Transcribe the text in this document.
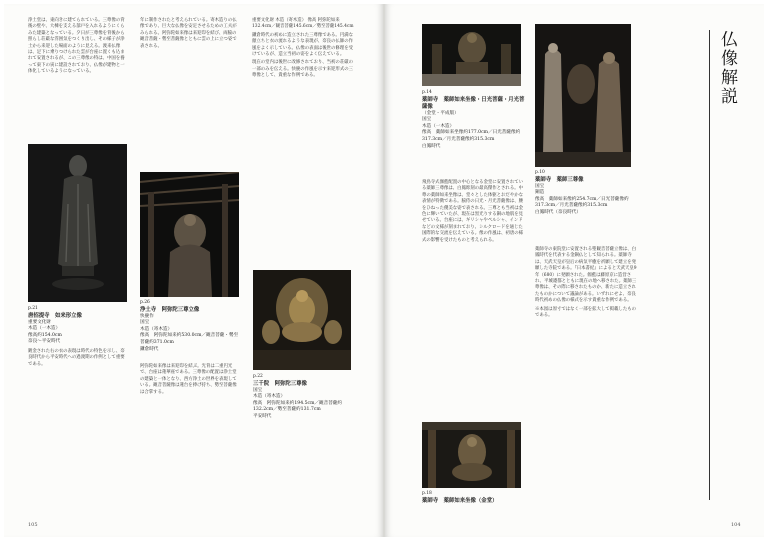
浄土堂は、東向きに建てられている。三尊像の背後の壁や、大棟を支える蔀戸を入れるようにくらみた建築となっている。夕日が三尊像を背後から照らし荘厳な雰囲気をつくり出し、その様子が浄土から来迎した場面のように見える。渡来仏像は、足下に乗りつけられた雲が台座に置くも込まれて安置されるが、この三尊像の特は、中国を養って東下の寅に建設されており、仏像が建物と一体化しているようになっている。

年に制作されたと考えられている。寄木造りの仏像であり、巨大な仏像を安定させるための工夫がみられる。阿弥陀如来像は来迎印を結び、両脇の観音菩薩・勢至菩薩像とともに雲の上に立つ姿で表される。

重要文化財 木造（寄木造） 像高 阿弥陀如来132.4cm／観音菩薩145.6cm／勢至菩薩145.4cm

鎌倉時代の初めに造立された三尊像である。円満な顔立ちと衣の流れるような表現が、奈良の仏師の作風をよく示している。仏像の表面は後世の修理を受けているが、造立当初の姿をよく伝えている。

現在の堂内は後世に改修されており、当初の荘厳の一部のみを伝える。快慶の作風を示す来迎形式の三尊像として、貴重な作例である。

p.21
唐招提寺　如来形立像
重要文化財
木造（一木造）
像高約154.0cm
奈良～平安時代

鍍金された右の衣の表現は時代の特色を示し、奈良時代から平安時代への過渡期の作例として重要である。

p.26
浄土寺　阿弥陀三尊立像
快慶作
国宝
木造（寄木造）
像高　阿弥陀如来約530.0cm／観音菩薩・勢至菩薩約371.0cm
鎌倉時代

阿弥陀如来像は来迎印を結ぶ。光背は二重円光で、台座は蓮華座である。三尊像の配置は浄土堂の建築と一体となり、西方浄土の世界を表現している。観音菩薩像は蓮台を捧げ持ち、勢至菩薩像は合掌する。

p.22
三千院　阿弥陀三尊像
国宝
木造（寄木造）
像高　阿弥陀如来約194.5cm／観音菩薩約132.2cm／勢至菩薩約131.7cm
平安時代
105
p.14
薬師寺　薬師如来坐像・日光菩薩・月光菩薩像
（金堂・平成版）
国宝
木造（一木造）
像高　薬師如来坐像約177.0cm／日光菩薩像約317.3cm／月光菩薩像約315.3cm
白鳳時代

飛鳥寺式伽藍配置の中心となる金堂に安置されている薬師三尊像は、白鳳彫刻の最高傑作とされる。中尊の薬師如来坐像は、堂々とした体躯とおだやかな表情が特徴である。脇侍の日光・月光菩薩像は、腰をひねった優美な姿で表される。三尊とも当初は金色に輝いていたが、現在は黒光りする銅の地肌を見せている。台座には、ギリシャやペルシャ、インドなどの文様が刻まれており、シルクロードを通じた国際的な交流を伝えている。像の作風は、初唐の様式の影響を受けたものと考えられる。

p.10
薬師寺　薬師三尊像
国宝
銅造
像高　薬師如来像約254.7cm／日光菩薩像約317.3cm／月光菩薩像約315.3cm
白鳳時代（奈良時代）

薬師寺の東院堂に安置される聖観音菩薩立像は、白鳳時代を代表する金銅仏として知られる。薬師寺は、天武天皇が皇后の病気平癒を祈願して建立を発願した寺院である。『日本書紀』によると天武天皇9年（680）に発願された。伽藍は藤原京に造営され、平城遷都とともに現在の地へ移された。薬師三尊像は、その際に移されたものか、新たに造立されたものかについて議論がある。いずれにせよ、奈良時代初めの仏像の様式を示す貴重な作例である。

※本図は原寸ではなく一部を拡大して掲載したものである。

p.18
薬師寺　薬師如来坐像（金堂）
104
仏像解説
